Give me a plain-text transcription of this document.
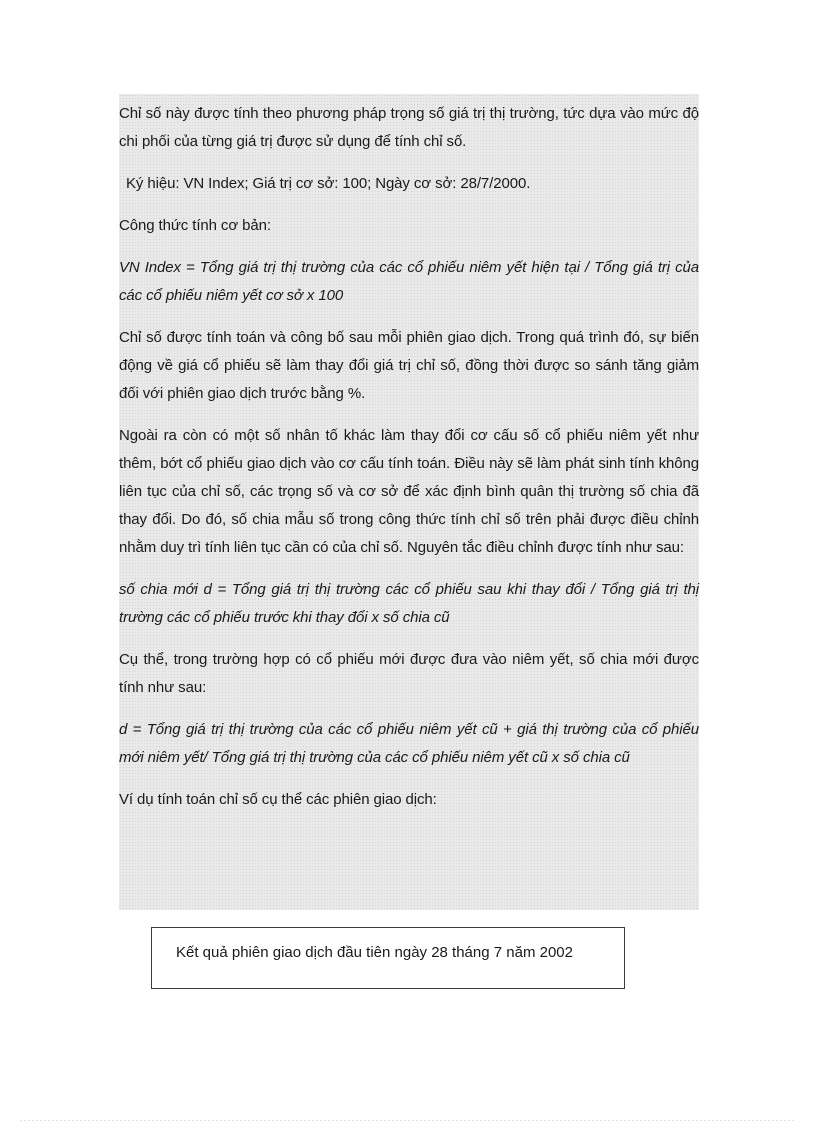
Chỉ số này được tính theo phương pháp trọng số giá trị thị trường, tức dựa vào mức độ chi phối của từng giá trị được sử dụng để tính chỉ số.

Ký hiệu: VN Index; Giá trị cơ sở: 100; Ngày cơ sở: 28/7/2000.

Công thức tính cơ bản:

VN Index = Tổng giá trị thị trường của các cổ phiếu niêm yết hiện tại / Tổng giá trị của các cổ phiếu niêm yết cơ sở x 100

Chỉ số được tính toán và công bố sau mỗi phiên giao dịch. Trong quá trình đó, sự biến động về giá cổ phiếu sẽ làm thay đổi giá trị chỉ số, đồng thời được so sánh tăng giảm đối với phiên giao dịch trước bằng %.

Ngoài ra còn có một số nhân tố khác làm thay đổi cơ cấu số cổ phiếu niêm yết như thêm, bớt cổ phiếu giao dịch vào cơ cấu tính toán. Điều này sẽ làm phát sinh tính không liên tục của chỉ số, các trọng số và cơ sở để xác định bình quân thị trường số chia đã thay đổi. Do đó, số chia mẫu số trong công thức tính chỉ số trên phải được điều chỉnh nhằm duy trì tính liên tục cần có của chỉ số. Nguyên tắc điều chỉnh được tính như sau:

số chia mới d = Tổng giá trị thị trường các cổ phiếu sau khi thay đổi / Tổng giá trị thị trường các cổ phiếu trước khi thay đổi x số chia cũ

Cụ thể, trong trường hợp có cổ phiếu mới được đưa vào niêm yết, số chia mới được tính như sau:

d = Tổng giá trị thị trường của các cổ phiếu niêm yết cũ + giá thị trường của cổ phiếu mới niêm yết/ Tổng giá trị thị trường của các cổ phiếu niêm yết cũ x số chia cũ

Ví dụ tính toán chỉ số cụ thể các phiên giao dịch:

Kết quả phiên giao dịch đầu tiên ngày 28 tháng 7 năm 2002
